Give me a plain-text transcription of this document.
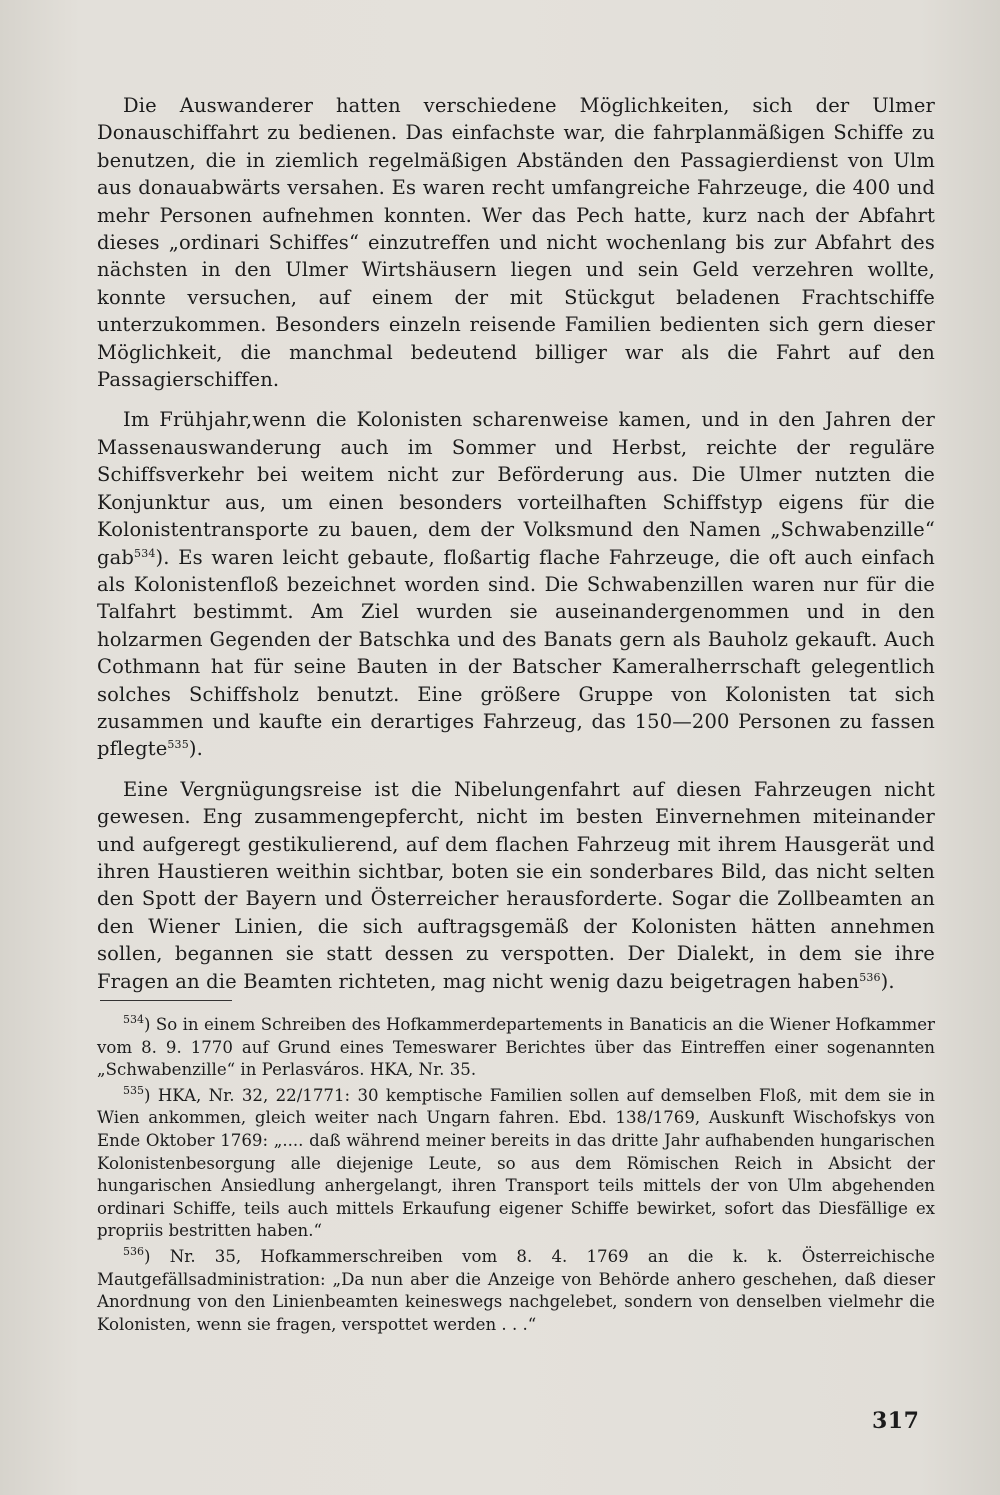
Die Auswanderer hatten verschiedene Möglichkeiten, sich der Ulmer Donauschiffahrt zu bedienen. Das einfachste war, die fahrplanmäßigen Schiffe zu benutzen, die in ziemlich regelmäßigen Abständen den Passagierdienst von Ulm aus donauabwärts versahen. Es waren recht umfangreiche Fahrzeuge, die 400 und mehr Personen aufnehmen konnten. Wer das Pech hatte, kurz nach der Abfahrt dieses „ordinari Schiffes“ einzutreffen und nicht wochenlang bis zur Abfahrt des nächsten in den Ulmer Wirtshäusern liegen und sein Geld verzehren wollte, konnte versuchen, auf einem der mit Stückgut beladenen Frachtschiffe unterzukommen. Besonders einzeln reisende Familien bedienten sich gern dieser Möglichkeit, die manchmal bedeutend billiger war als die Fahrt auf den Passagierschiffen.

Im Frühjahr,wenn die Kolonisten scharenweise kamen, und in den Jahren der Massenauswanderung auch im Sommer und Herbst, reichte der reguläre Schiffsverkehr bei weitem nicht zur Beförderung aus. Die Ulmer nutzten die Konjunktur aus, um einen besonders vorteilhaften Schiffstyp eigens für die Kolonistentransporte zu bauen, dem der Volksmund den Namen „Schwabenzille“ gab$^{534}$). Es waren leicht gebaute, floßartig flache Fahrzeuge, die oft auch einfach als Kolonistenfloß bezeichnet worden sind. Die Schwabenzillen waren nur für die Talfahrt bestimmt. Am Ziel wurden sie auseinandergenommen und in den holzarmen Gegenden der Batschka und des Banats gern als Bauholz gekauft. Auch Cothmann hat für seine Bauten in der Batscher Kameralherrschaft gelegentlich solches Schiffsholz benutzt. Eine größere Gruppe von Kolonisten tat sich zusammen und kaufte ein derartiges Fahrzeug, das 150—200 Personen zu fassen pflegte$^{535}$).

Eine Vergnügungsreise ist die Nibelungenfahrt auf diesen Fahrzeugen nicht gewesen. Eng zusammengepfercht, nicht im besten Einvernehmen miteinander und aufgeregt gestikulierend, auf dem flachen Fahrzeug mit ihrem Hausgerät und ihren Haustieren weithin sichtbar, boten sie ein sonderbares Bild, das nicht selten den Spott der Bayern und Österreicher herausforderte. Sogar die Zollbeamten an den Wiener Linien, die sich auftragsgemäß der Kolonisten hätten annehmen sollen, begannen sie statt dessen zu verspotten. Der Dialekt, in dem sie ihre Fragen an die Beamten richteten, mag nicht wenig dazu beigetragen haben$^{536}$).

$^{534}$) So in einem Schreiben des Hofkammerdepartements in Banaticis an die Wiener Hofkammer vom 8. 9. 1770 auf Grund eines Temeswarer Berichtes über das Eintreffen einer sogenannten „Schwabenzille“ in Perlasváros. HKA, Nr. 35.

$^{535}$) HKA, Nr. 32, 22/1771: 30 kemptische Familien sollen auf demselben Floß, mit dem sie in Wien ankommen, gleich weiter nach Ungarn fahren. Ebd. 138/1769, Auskunft Wischofskys von Ende Oktober 1769: „.... daß während meiner bereits in das dritte Jahr aufhabenden hungarischen Kolonistenbesorgung alle diejenige Leute, so aus dem Römischen Reich in Absicht der hungarischen Ansiedlung anhergelangt, ihren Transport teils mittels der von Ulm abgehenden ordinari Schiffe, teils auch mittels Erkaufung eigener Schiffe bewirket, sofort das Diesfällige ex propriis bestritten haben.“

$^{536}$) Nr. 35, Hofkammerschreiben vom 8. 4. 1769 an die k. k. Österreichische Mautgefällsadministration: „Da nun aber die Anzeige von Behörde anhero geschehen, daß dieser Anordnung von den Linienbeamten keineswegs nachgelebet, sondern von denselben vielmehr die Kolonisten, wenn sie fragen, verspottet werden . . .“

317
